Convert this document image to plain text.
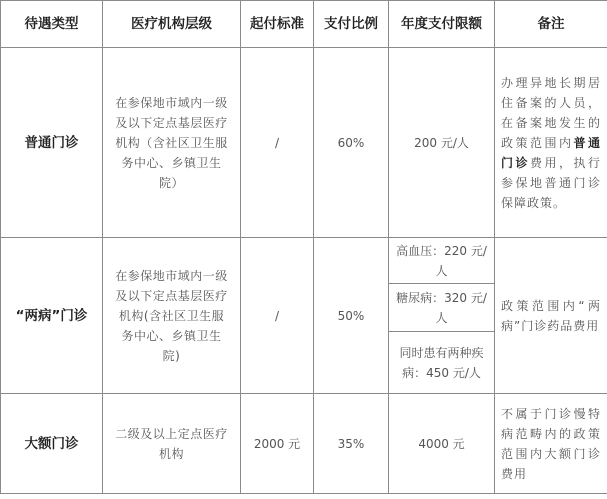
待遇类型	医疗机构层级	起付标准	支付比例	年度支付限额	备注
普通门诊	在参保地市域内一级及以下定点基层医疗机构（含社区卫生服务中心、乡镇卫生院）	/	60%	200 元/人	办理异地长期居住备案的人员，在备案地发生的政策范围内普通门诊费用，执行参保地普通门诊保障政策。
“两病”门诊	在参保地市域内一级及以下定点基层医疗机构(含社区卫生服务中心、乡镇卫生院)	/	50%	高血压：220 元/人	政策范围内“两病”门诊药品费用
				糖尿病：320 元/人	
				同时患有两种疾病：450 元/人	
大额门诊	二级及以上定点医疗机构	2000 元	35%	4000 元	不属于门诊慢特病范畴内的政策范围内大额门诊费用
